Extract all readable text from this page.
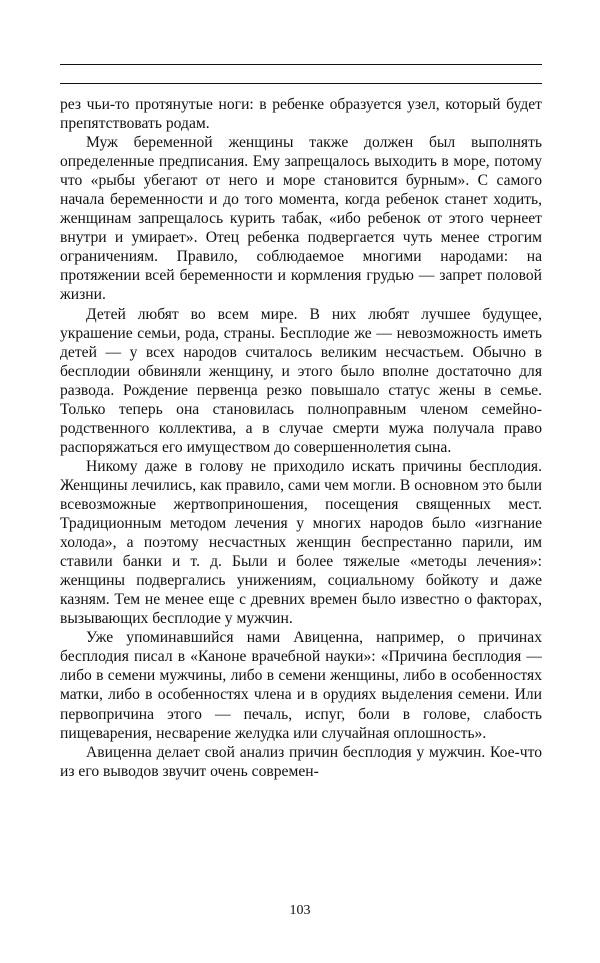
рез чьи-то протянутые ноги: в ребенке образуется узел, который будет препятствовать родам.

Муж беременной женщины также должен был выполнять определенные предписания. Ему запрещалось выходить в море, потому что «рыбы убегают от него и море становится бурным». С самого начала беременности и до того момента, когда ребенок станет ходить, женщинам запрещалось курить табак, «ибо ребенок от этого чернеет внутри и умирает». Отец ребенка подвергается чуть менее строгим ограничениям. Правило, соблюдаемое многими народами: на протяжении всей беременности и кормления грудью — запрет половой жизни.

Детей любят во всем мире. В них любят лучшее будущее, украшение семьи, рода, страны. Бесплодие же — невозможность иметь детей — у всех народов считалось великим несчастьем. Обычно в бесплодии обвиняли женщину, и этого было вполне достаточно для развода. Рождение первенца резко повышало статус жены в семье. Только теперь она становилась полноправным членом семейно-родственного коллектива, а в случае смерти мужа получала право распоряжаться его имуществом до совершеннолетия сына.

Никому даже в голову не приходило искать причины бесплодия. Женщины лечились, как правило, сами чем могли. В основном это были всевозможные жертвоприношения, посещения священных мест. Традиционным методом лечения у многих народов было «изгнание холода», а поэтому несчастных женщин беспрестанно парили, им ставили банки и т. д. Были и более тяжелые «методы лечения»: женщины подвергались унижениям, социальному бойкоту и даже казням. Тем не менее еще с древних времен было известно о факторах, вызывающих бесплодие у мужчин.

Уже упоминавшийся нами Авиценна, например, о причинах бесплодия писал в «Каноне врачебной науки»: «Причина бесплодия — либо в семени мужчины, либо в семени женщины, либо в особенностях матки, либо в особенностях члена и в орудиях выделения семени. Или первопричина этого — печаль, испуг, боли в голове, слабость пищеварения, несварение желудка или случайная оплошность».

Авиценна делает свой анализ причин бесплодия у мужчин. Кое-что из его выводов звучит очень современ-

103
